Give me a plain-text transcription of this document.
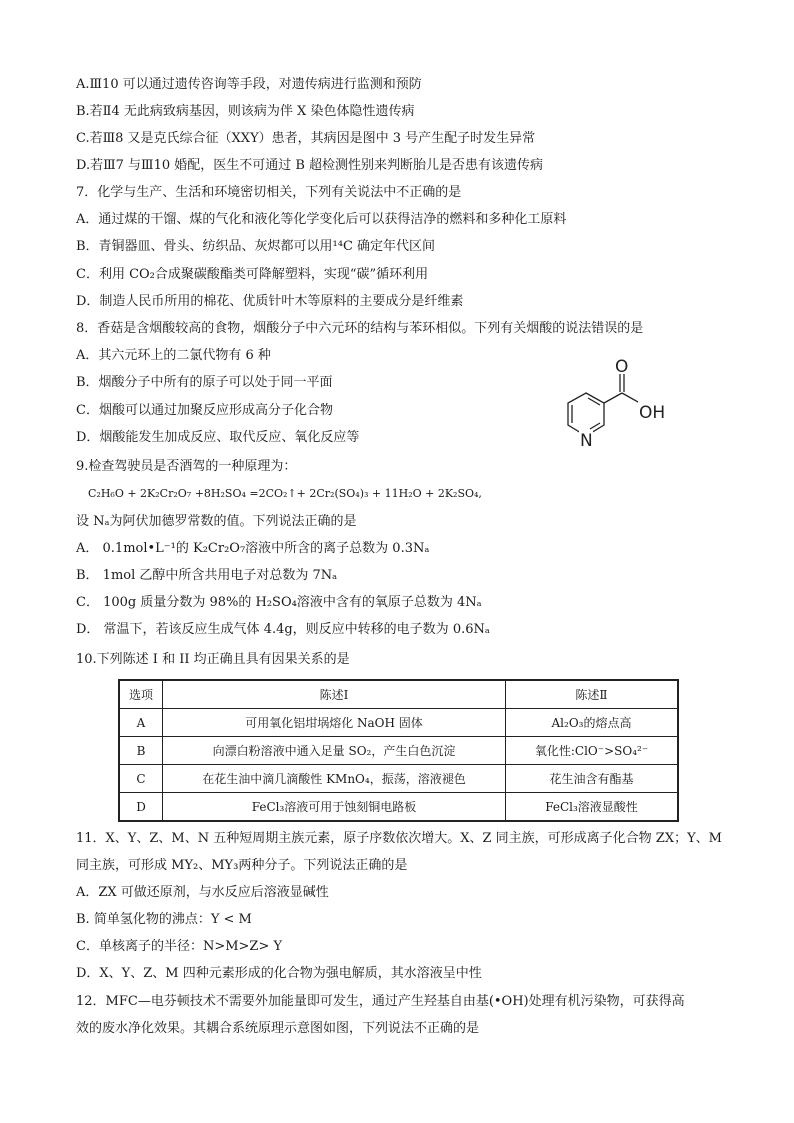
A.Ⅲ10 可以通过遗传咨询等手段，对遗传病进行监测和预防
B.若Ⅱ4 无此病致病基因，则该病为伴 X 染色体隐性遗传病
C.若Ⅲ8 又是克氏综合征（XXY）患者，其病因是图中 3 号产生配子时发生异常
D.若Ⅲ7 与Ⅲ10 婚配，医生不可通过 B 超检测性别来判断胎儿是否患有该遗传病
7．化学与生产、生活和环境密切相关，下列有关说法中不正确的是
A．通过煤的干馏、煤的气化和液化等化学变化后可以获得洁净的燃料和多种化工原料
B．青铜器皿、骨头、纺织品、灰烬都可以用¹⁴C 确定年代区间
C．利用 CO₂合成聚碳酸酯类可降解塑料，实现“碳”循环利用
D．制造人民币所用的棉花、优质针叶木等原料的主要成分是纤维素
8．香菇是含烟酸较高的食物，烟酸分子中六元环的结构与苯环相似。下列有关烟酸的说法错误的是
A．其六元环上的二氯代物有 6 种
B．烟酸分子中所有的原子可以处于同一平面
C．烟酸可以通过加聚反应形成高分子化合物
D．烟酸能发生加成反应、取代反应、氧化反应等
O
OH
N
9.检查驾驶员是否酒驾的一种原理为：
C₂H₆O + 2K₂Cr₂O₇ +8H₂SO₄ =2CO₂↑+ 2Cr₂(SO₄)₃ + 11H₂O + 2K₂SO₄,
设 Nₐ为阿伏加德罗常数的值。下列说法正确的是
A． 0.1mol•L⁻¹的 K₂Cr₂O₇溶液中所含的离子总数为 0.3Nₐ
B． 1mol 乙醇中所含共用电子对总数为 7Nₐ
C． 100g 质量分数为 98%的 H₂SO₄溶液中含有的氧原子总数为 4Nₐ
D． 常温下，若该反应生成气体 4.4g，则反应中转移的电子数为 0.6Nₐ
10.下列陈述 I 和 II 均正确且具有因果关系的是
选项	陈述Ⅰ	陈述Ⅱ
A	可用氧化铝坩埚熔化 NaOH 固体	Al₂O₃的熔点高
B	向漂白粉溶液中通入足量 SO₂，产生白色沉淀	氧化性:ClO⁻>SO₄²⁻
C	在花生油中滴几滴酸性 KMnO₄，振荡，溶液褪色	花生油含有酯基
D	FeCl₃溶液可用于蚀刻铜电路板	FeCl₃溶液显酸性
11．X、Y、Z、M、N 五种短周期主族元素，原子序数依次增大。X、Z 同主族，可形成离子化合物 ZX；Y、M
同主族，可形成 MY₂、MY₃两种分子。下列说法正确的是
A．ZX 可做还原剂，与水反应后溶液显碱性
B. 简单氢化物的沸点：Y < M
C．单核离子的半径：N>M>Z> Y
D．X、Y、Z、M 四种元素形成的化合物为强电解质，其水溶液呈中性
12．MFC—电芬顿技术不需要外加能量即可发生，通过产生羟基自由基(•OH)处理有机污染物，可获得高
效的废水净化效果。其耦合系统原理示意图如图，下列说法不正确的是
